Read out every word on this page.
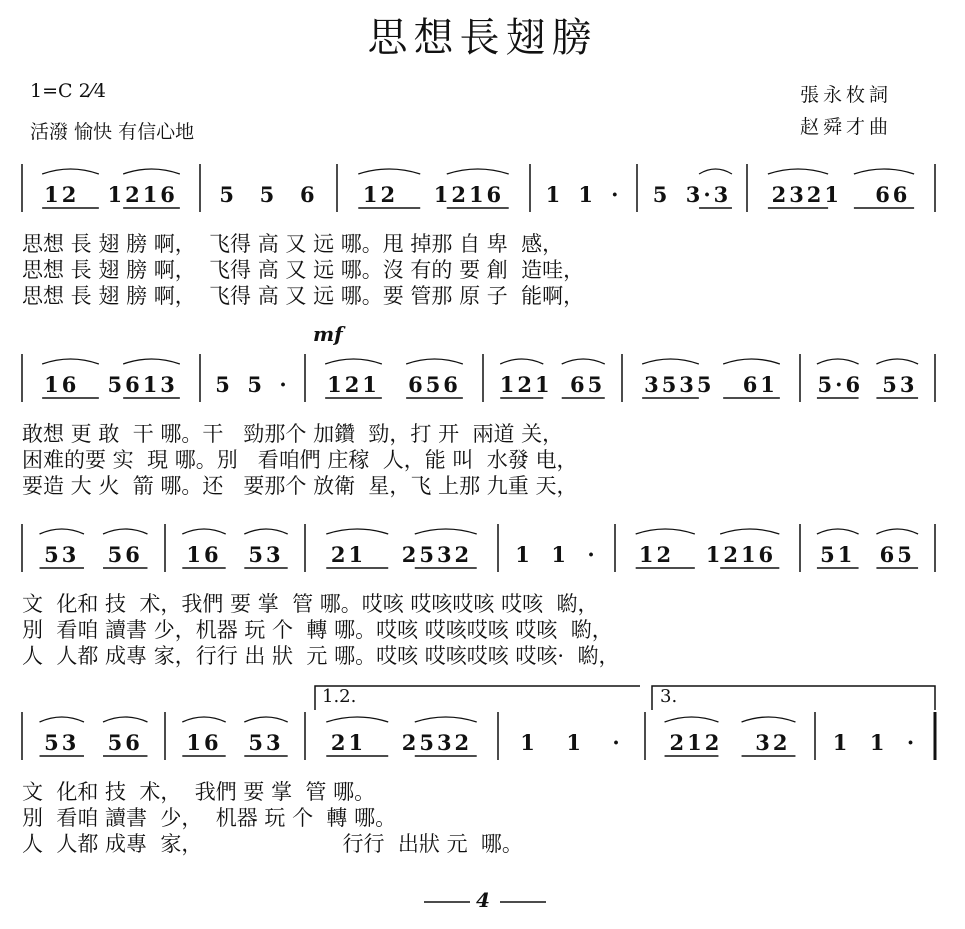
思想長翅膀
1=C 2⁄4
活潑 愉快 有信心地
張永枚詞
赵舜才曲
mf
1.2.	3.
4
12 1216 5 5 6 12 1216 1 1 · 5 3·3 2321 66
思想 長 翅 膀 啊，  飞得 高 又 远 哪。甩 掉那 自 卑  感，
思想 長 翅 膀 啊，  飞得 高 又 远 哪。沒 有的 要 創  造哇，
思想 長 翅 膀 啊，  飞得 高 又 远 哪。要 管那 原 子  能啊，
16 5613 5 5 · 121 656 121 65 3535 61 5·6 53
敢想 更 敢  干 哪。干   勁那个 加鑽  勁，打 开  兩道 关，
困难的要 实  現 哪。別   看咱們 庄稼  人，能 叫  水發 电，
要造 大 火  箭 哪。还   要那个 放衛  星，飞 上那 九重 天，
53 56 16 53 21 2532 1 1 · 12 1216 51 65
文  化和 技  术，我們 要 掌  管 哪。哎咳 哎咳哎咳 哎咳  喲，
別  看咱 讀書 少，机器 玩 个  轉 哪。哎咳 哎咳哎咳 哎咳  喲，
人  人都 成專 家，行行 出 狀  元 哪。哎咳 哎咳哎咳 哎咳·  喲，
53 56 16 53 21 2532 1 1 · 212 32 1 1 ·
文  化和 技  术，  我們 要 掌  管 哪。
別  看咱 讀書  少，  机器 玩 个  轉 哪。
人  人都 成專  家，                     行行  出狀 元  哪。
